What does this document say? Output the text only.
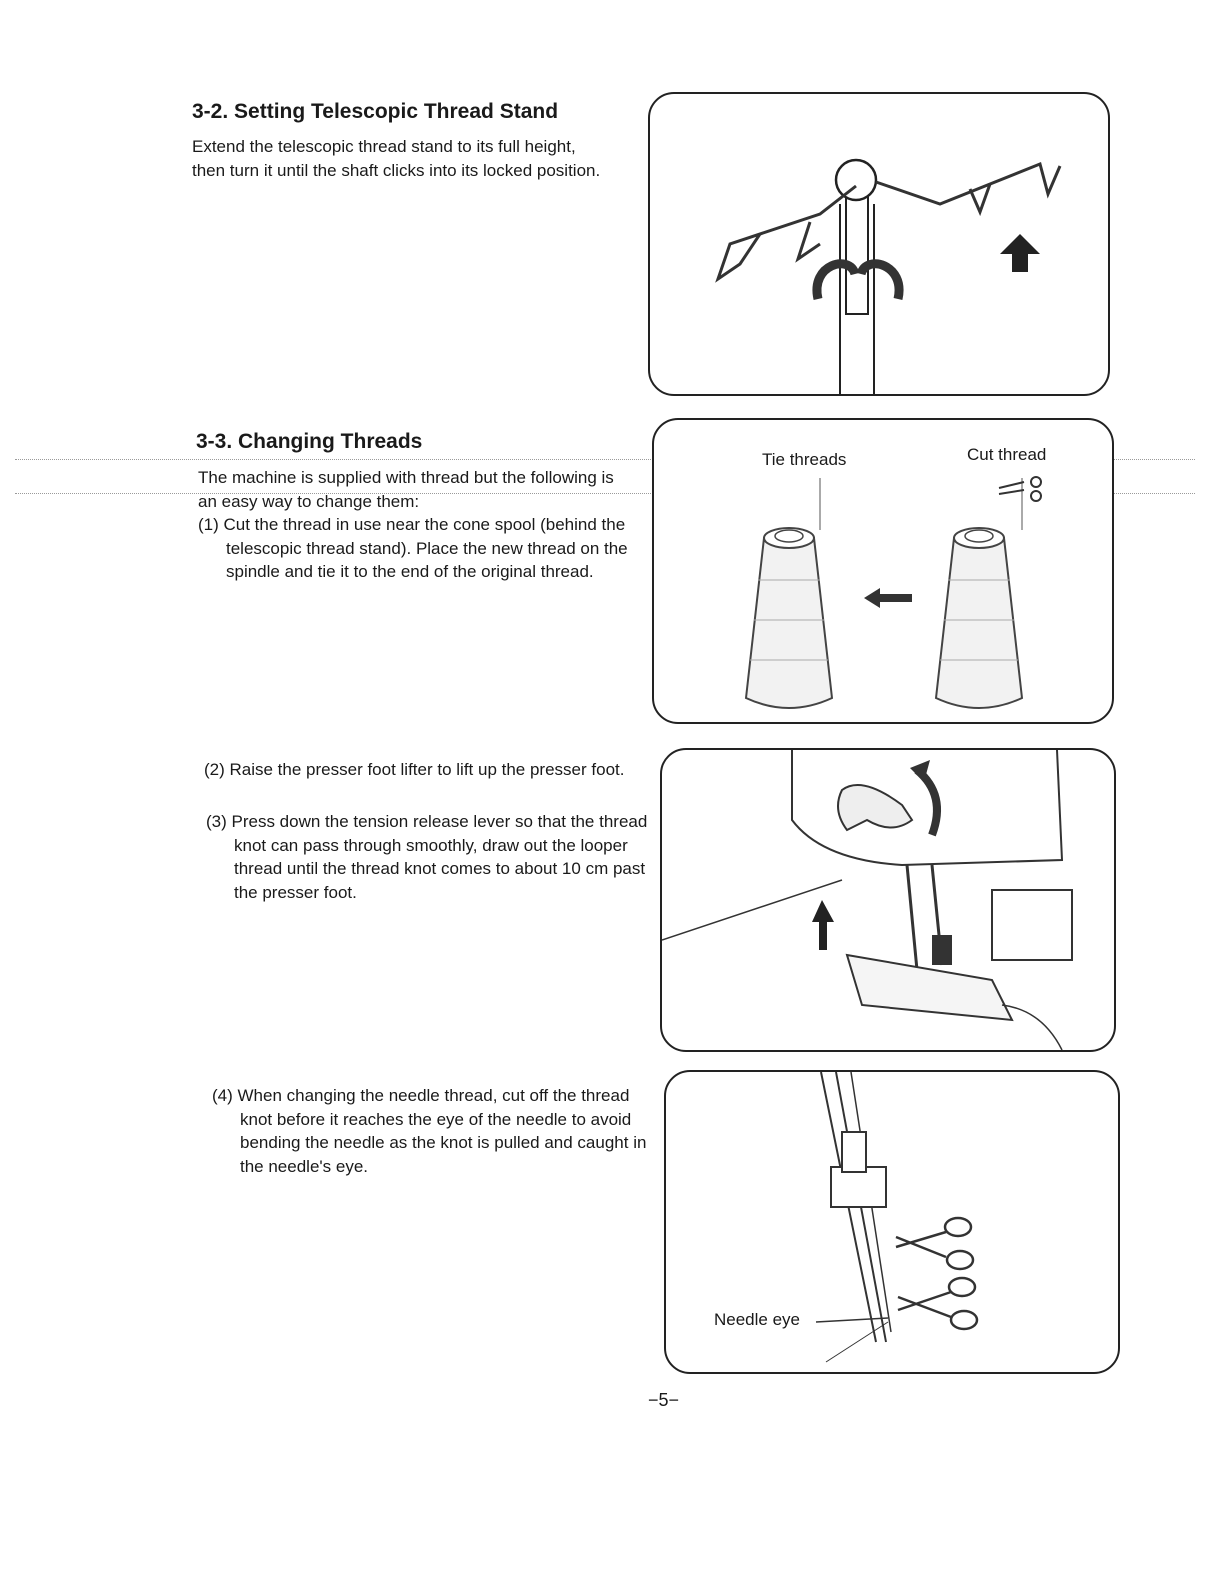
3-2. Setting Telescopic Thread Stand

Extend the telescopic thread stand to its full height, then turn it until the shaft clicks into its locked position.

3-3. Changing Threads

The machine is supplied with thread but the following is an easy way to change them:

(1) Cut the thread in use near the cone spool (behind the telescopic thread stand). Place the new thread on the spindle and tie it to the end of the original thread.

(2) Raise the presser foot lifter to lift up the presser foot.

(3) Press down the tension release lever so that the thread knot can pass through smoothly, draw out the looper thread until the thread knot comes to about 10 cm past the presser foot.

(4) When changing the needle thread, cut off the thread knot before it reaches the eye of the needle to avoid bending the needle as the knot is pulled and caught in the needle's eye.

Tie threads	Cut thread
Needle eye
−5−
